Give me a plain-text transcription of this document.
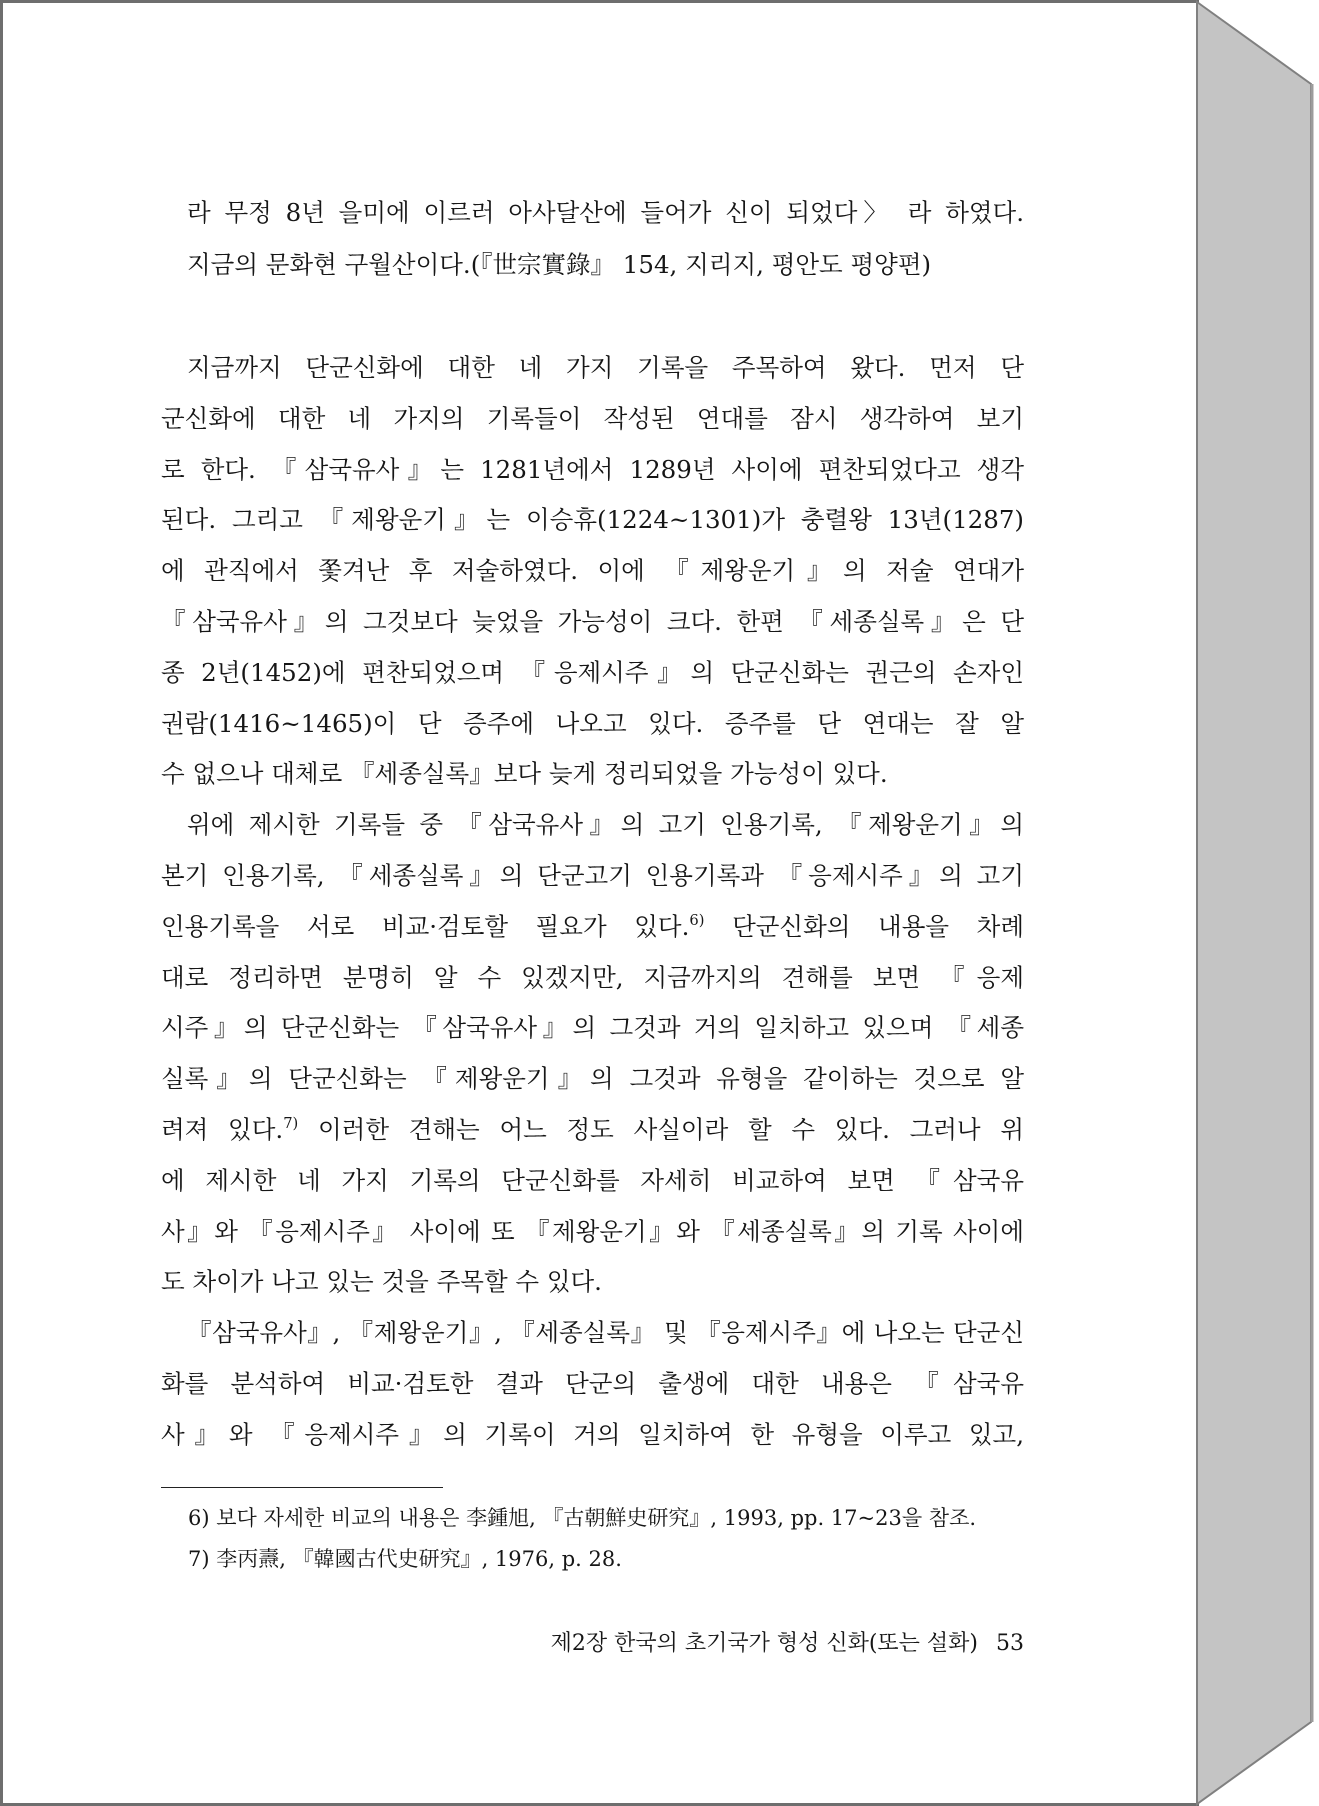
라 무정 8년 을미에 이르러 아사달산에 들어가 신이 되었다〉 라 하였다.
지금의 문화현 구월산이다.(『世宗實錄』 154, 지리지, 평안도 평양편)
지금까지 단군신화에 대한 네 가지 기록을 주목하여 왔다. 먼저 단
군신화에 대한 네 가지의 기록들이 작성된 연대를 잠시 생각하여 보기
로 한다. 『삼국유사』는 1281년에서 1289년 사이에 편찬되었다고 생각
된다. 그리고 『제왕운기』는 이승휴(1224~1301)가 충렬왕 13년(1287)
에 관직에서 쫓겨난 후 저술하였다. 이에 『제왕운기』의 저술 연대가
『삼국유사』의 그것보다 늦었을 가능성이 크다. 한편 『세종실록』은 단
종 2년(1452)에 편찬되었으며 『응제시주』의 단군신화는 권근의 손자인
권람(1416~1465)이 단 증주에 나오고 있다. 증주를 단 연대는 잘 알
수 없으나 대체로 『세종실록』보다 늦게 정리되었을 가능성이 있다.
위에 제시한 기록들 중 『삼국유사』의 고기 인용기록, 『제왕운기』의
본기 인용기록, 『세종실록』의 단군고기 인용기록과 『응제시주』의 고기
인용기록을 서로 비교·검토할 필요가 있다.$^{6)}$ 단군신화의 내용을 차례
대로 정리하면 분명히 알 수 있겠지만, 지금까지의 견해를 보면 『응제
시주』의 단군신화는 『삼국유사』의 그것과 거의 일치하고 있으며 『세종
실록』의 단군신화는 『제왕운기』의 그것과 유형을 같이하는 것으로 알
려져 있다.$^{7)}$ 이러한 견해는 어느 정도 사실이라 할 수 있다. 그러나 위
에 제시한 네 가지 기록의 단군신화를 자세히 비교하여 보면 『삼국유
사』와 『응제시주』 사이에 또 『제왕운기』와 『세종실록』의 기록 사이에
도 차이가 나고 있는 것을 주목할 수 있다.
『삼국유사』, 『제왕운기』, 『세종실록』 및 『응제시주』에 나오는 단군신
화를 분석하여 비교·검토한 결과 단군의 출생에 대한 내용은 『삼국유
사』와 『응제시주』의 기록이 거의 일치하여 한 유형을 이루고 있고,
6) 보다 자세한 비교의 내용은 李鍾旭, 『古朝鮮史研究』, 1993, pp. 17~23을 참조.
7) 李丙燾, 『韓國古代史研究』, 1976, p. 28.
제2장 한국의 초기국가 형성 신화(또는 설화) 53
